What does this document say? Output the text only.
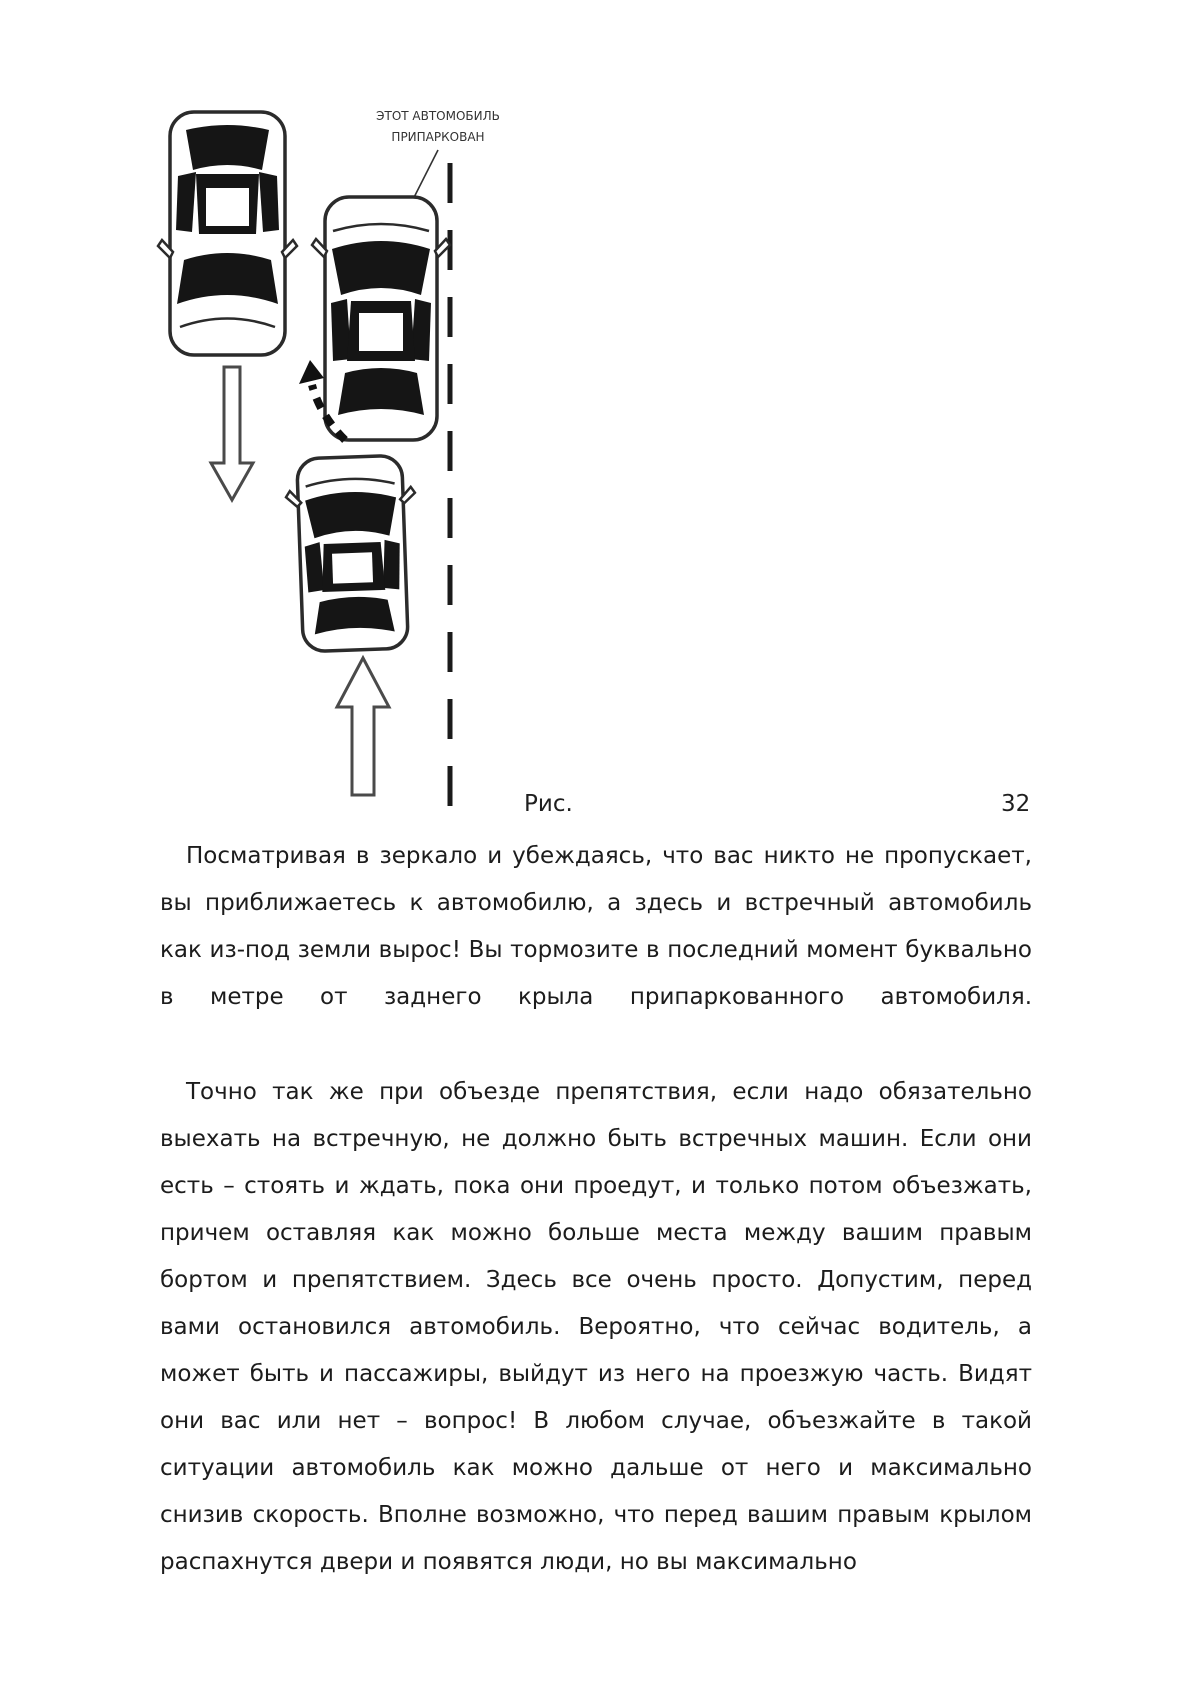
ЭТОТ АВТОМОБИЛЬ
ПРИПАРКОВАН
Рис.	32

Посматривая в зеркало и убеждаясь, что вас никто не пропускает, вы приближаетесь к автомобилю, а здесь и встречный автомобиль как из-под земли вырос! Вы тормозите в последний момент буквально в метре от заднего крыла припаркованного автомобиля.

Точно так же при объезде препятствия, если надо обязательно выехать на встречную, не должно быть встречных машин. Если они есть – стоять и ждать, пока они проедут, и только потом объезжать, причем оставляя как можно больше места между вашим правым бортом и препятствием. Здесь все очень просто. Допустим, перед вами остановился автомобиль. Вероятно, что сейчас водитель, а может быть и пассажиры, выйдут из него на проезжую часть. Видят они вас или нет – вопрос! В любом случае, объезжайте в такой ситуации автомобиль как можно дальше от него и максимально снизив скорость. Вполне возможно, что перед вашим правым крылом распахнутся двери и появятся люди, но вы максимально
